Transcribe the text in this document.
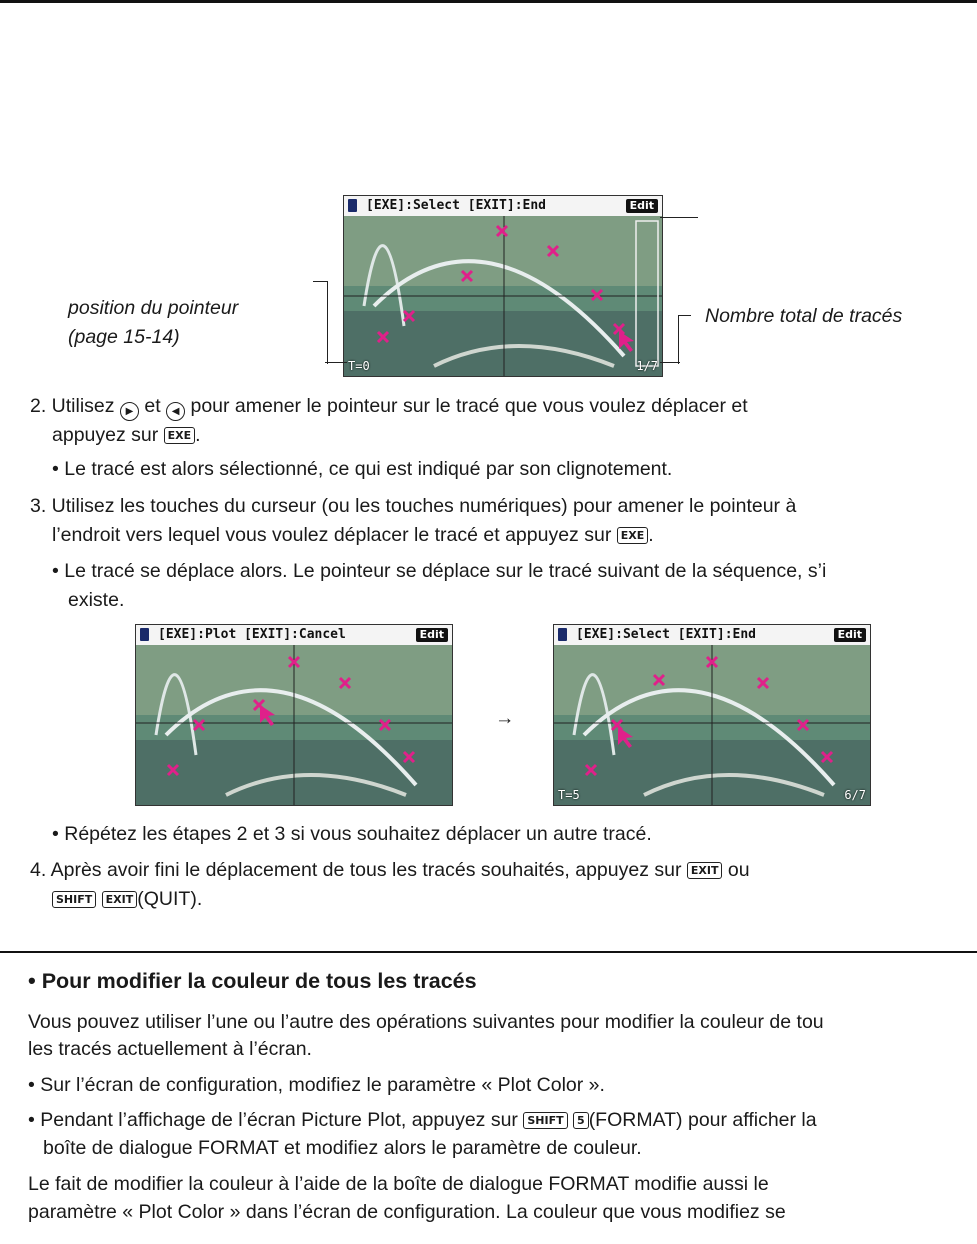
[EXE]:Select [EXIT]:End	Edit
T=0	1/7
position du pointeur
(page 15-14)
Nombre total de tracés
2. Utilisez ▶ et ◀ pour amener le pointeur sur le tracé que vous voulez déplacer et
appuyez sur EXE .
• Le tracé est alors sélectionné, ce qui est indiqué par son clignotement.
3. Utilisez les touches du curseur (ou les touches numériques) pour amener le pointeur à
l’endroit vers lequel vous voulez déplacer le tracé et appuyez sur EXE .
• Le tracé se déplace alors. Le pointeur se déplace sur le tracé suivant de la séquence, s’i
existe.
[EXE]:Plot [EXIT]:Cancel	Edit
→
[EXE]:Select [EXIT]:End	Edit
T=5	6/7
• Répétez les étapes 2 et 3 si vous souhaitez déplacer un autre tracé.
4. Après avoir fini le déplacement de tous les tracés souhaités, appuyez sur EXIT ou
SHIFT EXIT (QUIT).
• Pour modifier la couleur de tous les tracés
Vous pouvez utiliser l’une ou l’autre des opérations suivantes pour modifier la couleur de tou
les tracés actuellement à l’écran.
• Sur l’écran de configuration, modifiez le paramètre « Plot Color ».
• Pendant l’affichage de l’écran Picture Plot, appuyez sur SHIFT 5 (FORMAT) pour afficher la
boîte de dialogue FORMAT et modifiez alors le paramètre de couleur.
Le fait de modifier la couleur à l’aide de la boîte de dialogue FORMAT modifie aussi le
paramètre « Plot Color » dans l’écran de configuration. La couleur que vous modifiez se
